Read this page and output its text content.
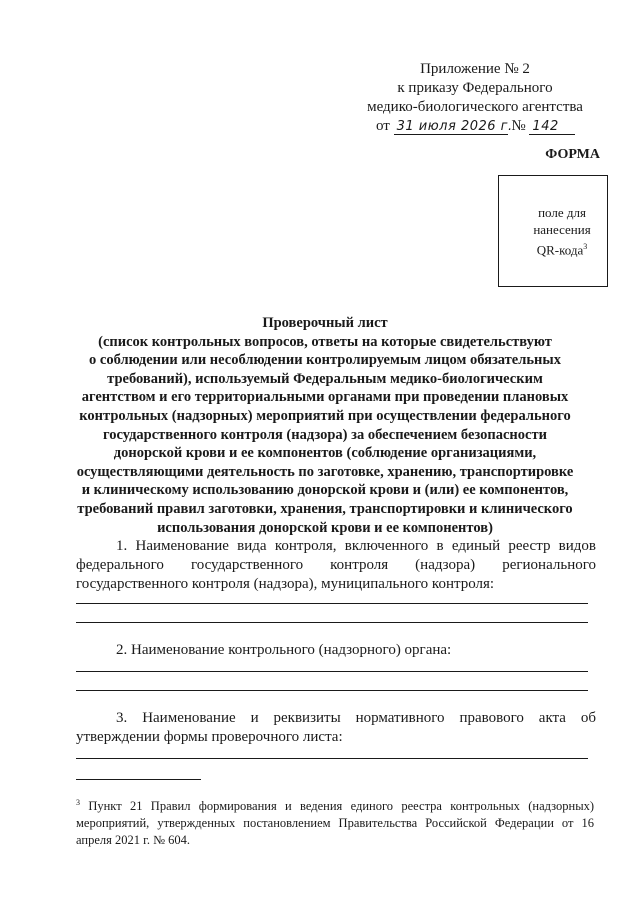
Приложение № 2
к приказу Федерального
медико-биологического агентства
от 31 июля 2026 г. № 142
ФОРМА
поле для
нанесения
QR-кода$^3$
Проверочный лист
(список контрольных вопросов, ответы на которые свидетельствуют
о соблюдении или несоблюдении контролируемым лицом обязательных
требований), используемый Федеральным медико-биологическим
агентством и его территориальными органами при проведении плановых
контрольных (надзорных) мероприятий при осуществлении федерального
государственного контроля (надзора) за обеспечением безопасности
донорской крови и ее компонентов (соблюдение организациями,
осуществляющими деятельность по заготовке, хранению, транспортировке
и клиническому использованию донорской крови и (или) ее компонентов,
требований правил заготовки, хранения, транспортировки и клинического
использования донорской крови и ее компонентов)
1. Наименование вида контроля, включенного в единый реестр видов федерального государственного контроля (надзора) регионального государственного контроля (надзора), муниципального контроля:
2. Наименование контрольного (надзорного) органа:
3. Наименование и реквизиты нормативного правового акта об утверждении формы проверочного листа:
$^3$ Пункт 21 Правил формирования и ведения единого реестра контрольных (надзорных) мероприятий, утвержденных постановлением Правительства Российской Федерации от 16 апреля 2021 г. № 604.
